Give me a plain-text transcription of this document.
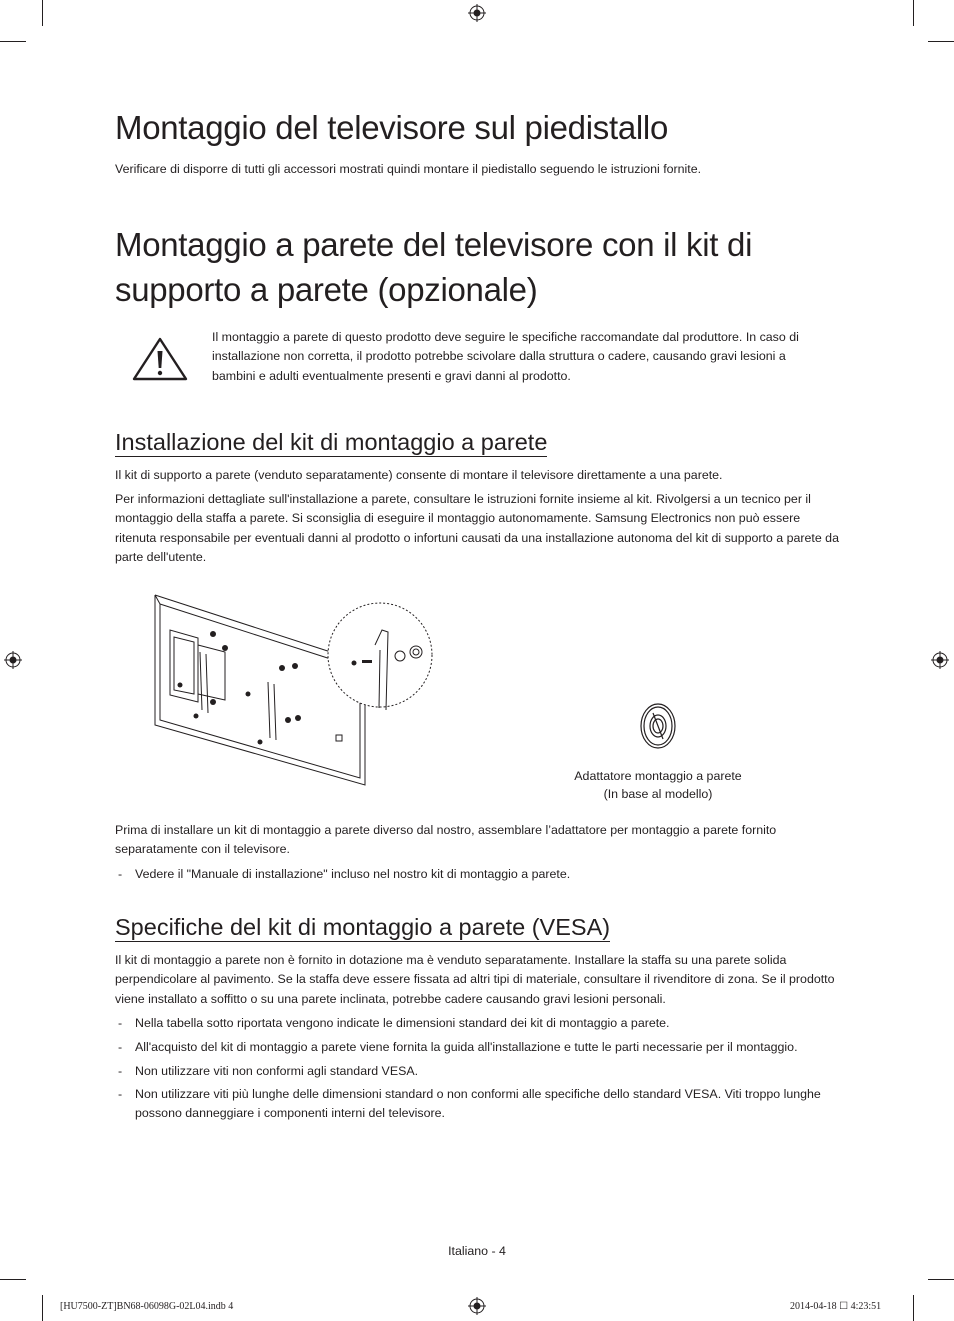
Montaggio del televisore sul piedistallo

Verificare di disporre di tutti gli accessori mostrati quindi montare il piedistallo seguendo le istruzioni fornite.

Montaggio a parete del televisore con il kit di
supporto a parete (opzionale)

Il montaggio a parete di questo prodotto deve seguire le specifiche raccomandate dal produttore. In caso di installazione non corretta, il prodotto potrebbe scivolare dalla struttura o cadere, causando gravi lesioni a bambini e adulti eventualmente presenti e gravi danni al prodotto.

Installazione del kit di montaggio a parete

Il kit di supporto a parete (venduto separatamente) consente di montare il televisore direttamente a una parete.

Per informazioni dettagliate sull'installazione a parete, consultare le istruzioni fornite insieme al kit. Rivolgersi a un tecnico per il montaggio della staffa a parete. Si sconsiglia di eseguire il montaggio autonomamente. Samsung Electronics non può essere ritenuta responsabile per eventuali danni al prodotto o infortuni causati da una installazione autonoma del kit di supporto a parete da parte dell'utente.

Adattatore montaggio a parete
(In base al modello)

Prima di installare un kit di montaggio a parete diverso dal nostro, assemblare l’adattatore per montaggio a parete fornito separatamente con il televisore.

- Vedere il "Manuale di installazione" incluso nel nostro kit di montaggio a parete.
Specifiche del kit di montaggio a parete (VESA)

Il kit di montaggio a parete non è fornito in dotazione ma è venduto separatamente. Installare la staffa su una parete solida perpendicolare al pavimento. Se la staffa deve essere fissata ad altri tipi di materiale, consultare il rivenditore di zona. Se il prodotto viene installato a soffitto o su una parete inclinata, potrebbe cadere causando gravi lesioni personali.

- Nella tabella sotto riportata vengono indicate le dimensioni standard dei kit di montaggio a parete.
- All'acquisto del kit di montaggio a parete viene fornita la guida all'installazione e tutte le parti necessarie per il montaggio.
- Non utilizzare viti non conformi agli standard VESA.
- Non utilizzare viti più lunghe delle dimensioni standard o non conformi alle specifiche dello standard VESA. Viti troppo lunghe possono danneggiare i componenti interni del televisore.
Italiano - 4
[HU7500-ZT]BN68-06098G-02L04.indb 4	2014-04-18 ☐ 4:23:51
